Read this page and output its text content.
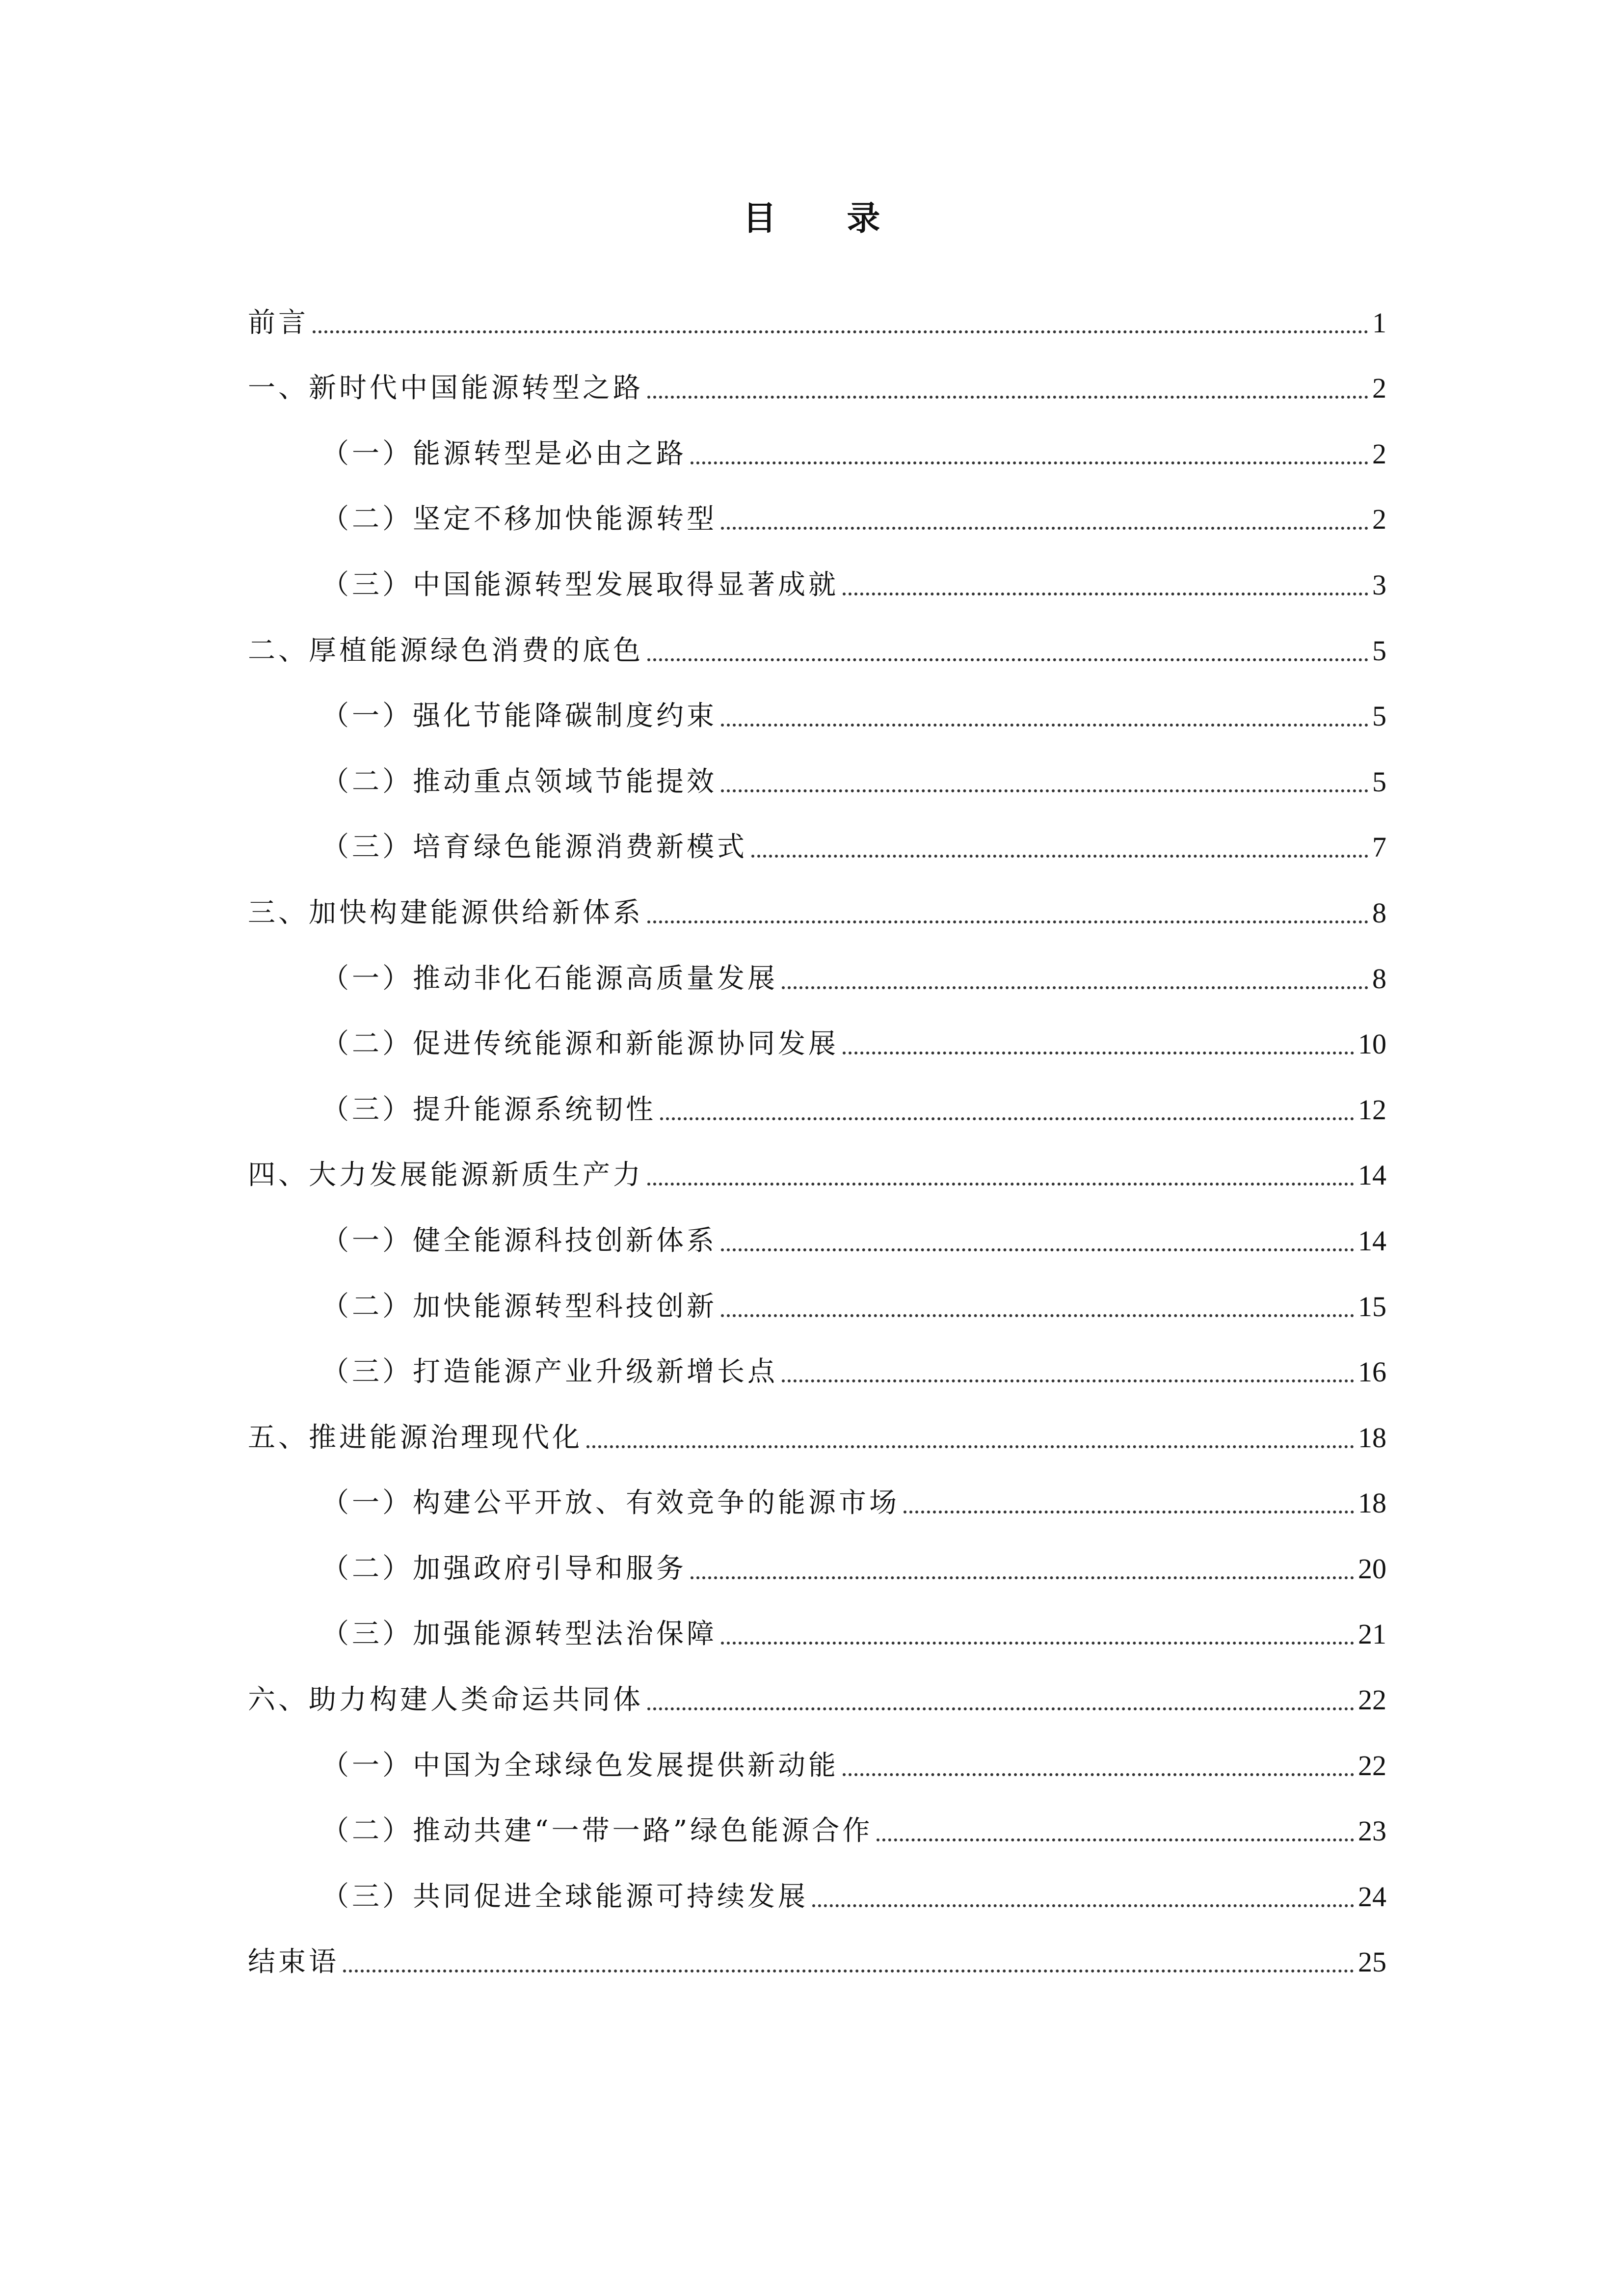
目 录
前言	1
一、新时代中国能源转型之路	2
（一）能源转型是必由之路	2
（二）坚定不移加快能源转型	2
（三）中国能源转型发展取得显著成就	3
二、厚植能源绿色消费的底色	5
（一）强化节能降碳制度约束	5
（二）推动重点领域节能提效	5
（三）培育绿色能源消费新模式	7
三、加快构建能源供给新体系	8
（一）推动非化石能源高质量发展	8
（二）促进传统能源和新能源协同发展	10
（三）提升能源系统韧性	12
四、大力发展能源新质生产力	14
（一）健全能源科技创新体系	14
（二）加快能源转型科技创新	15
（三）打造能源产业升级新增长点	16
五、推进能源治理现代化	18
（一）构建公平开放、有效竞争的能源市场	18
（二）加强政府引导和服务	20
（三）加强能源转型法治保障	21
六、助力构建人类命运共同体	22
（一）中国为全球绿色发展提供新动能	22
（二）推动共建“一带一路”绿色能源合作	23
（三）共同促进全球能源可持续发展	24
结束语	25
